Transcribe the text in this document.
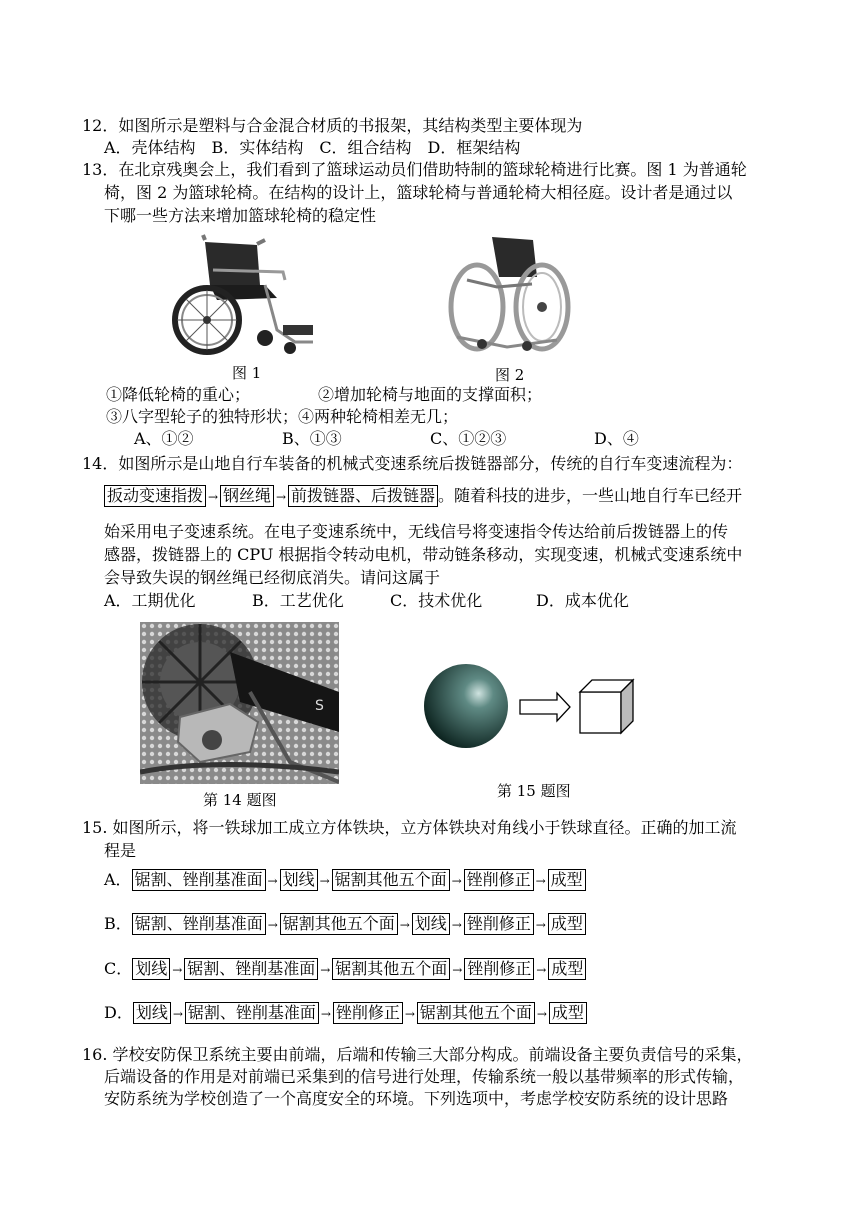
12．如图所示是塑料与合金混合材质的书报架，其结构类型主要体现为
A．壳体结构　B．实体结构　C．组合结构　D．框架结构
13．在北京残奥会上，我们看到了篮球运动员们借助特制的篮球轮椅进行比赛。图 1 为普通轮
椅，图 2 为篮球轮椅。在结构的设计上，篮球轮椅与普通轮椅大相径庭。设计者是通过以
下哪一些方法来增加篮球轮椅的稳定性
图 1	图 2
①降低轮椅的重心；	②增加轮椅与地面的支撑面积；
③八字型轮子的独特形状；④两种轮椅相差无几；
A、①②	B、①③	C、①②③	D、④
14．如图所示是山地自行车装备的机械式变速系统后拨链器部分，传统的自行车变速流程为：
扳动变速指拨 → 钢丝绳 → 前拨链器、后拨链器 。随着科技的进步，一些山地自行车已经开
始采用电子变速系统。在电子变速系统中，无线信号将变速指令传达给前后拨链器上的传
感器，拨链器上的 CPU 根据指令转动电机，带动链条移动，实现变速，机械式变速系统中
会导致失误的钢丝绳已经彻底消失。请问这属于
A．工期优化	B．工艺优化	C．技术优化	D．成本优化
S
第 14 题图	第 15 题图
15. 如图所示，将一铁球加工成立方体铁块，立方体铁块对角线小于铁球直径。正确的加工流
程是
A． 锯割、锉削基准面 → 划线 → 锯割其他五个面 → 锉削修正 → 成型
B． 锯割、锉削基准面 → 锯割其他五个面 → 划线 → 锉削修正 → 成型
C． 划线 → 锯割、锉削基准面 → 锯割其他五个面 → 锉削修正 → 成型
D． 划线 → 锯割、锉削基准面 → 锉削修正 → 锯割其他五个面 → 成型
16. 学校安防保卫系统主要由前端，后端和传输三大部分构成。前端设备主要负责信号的采集，
后端设备的作用是对前端已采集到的信号进行处理，传输系统一般以基带频率的形式传输，
安防系统为学校创造了一个高度安全的环境。下列选项中，考虑学校安防系统的设计思路
